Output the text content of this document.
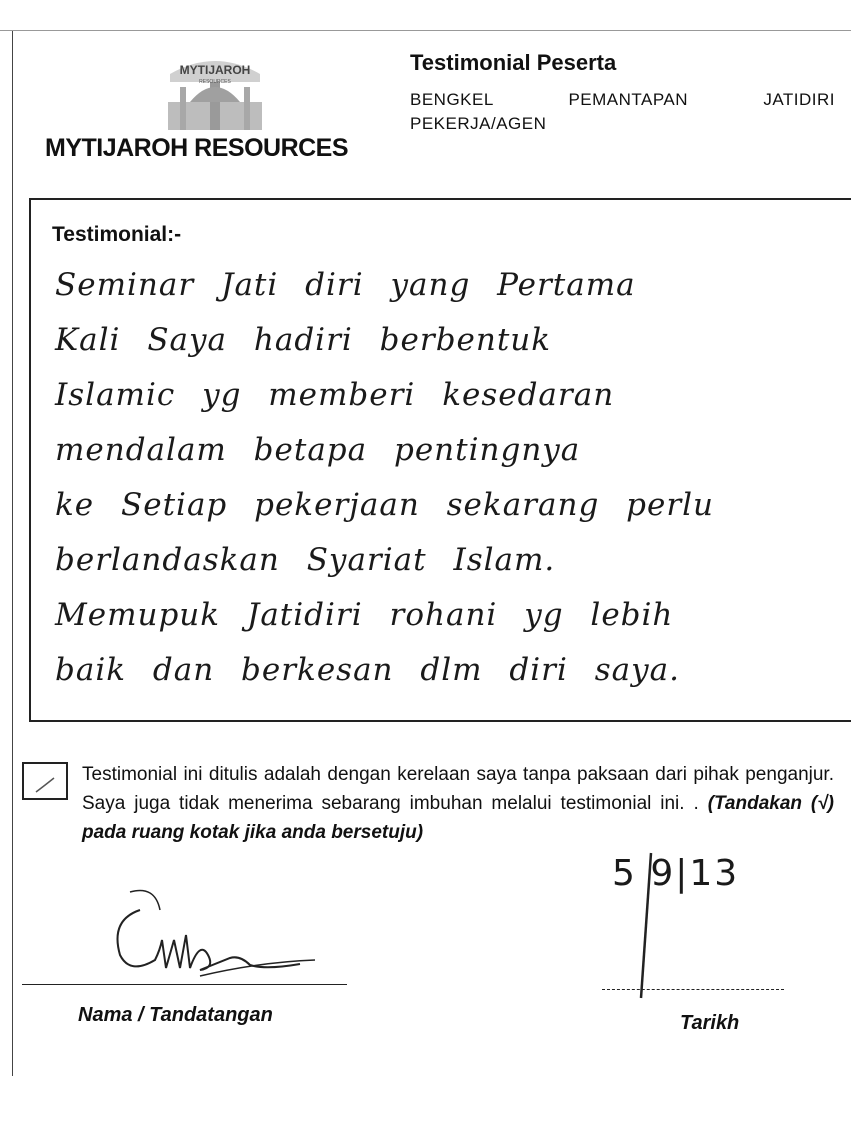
MYTIJAROH
RESOURCES
MYTIJAROH RESOURCES
Testimonial Peserta
BENGKEL PEMANTAPAN JATIDIRI PEKERJA/AGEN
Testimonial:-
Seminar Jati diri yang Pertama
Kali Saya hadiri berbentuk
Islamic yg memberi kesedaran
mendalam betapa pentingnya
ke Setiap pekerjaan sekarang perlu
berlandaskan Syariat Islam.
Memupuk Jatidiri rohani yg lebih
baik dan berkesan dlm diri saya.
Testimonial ini ditulis adalah dengan kerelaan saya tanpa paksaan dari pihak penganjur. Saya juga tidak menerima sebarang imbuhan melalui testimonial ini. . (Tandakan (√) pada ruang kotak jika anda bersetuju)
Nama / Tandatangan
5 9|13
Tarikh
